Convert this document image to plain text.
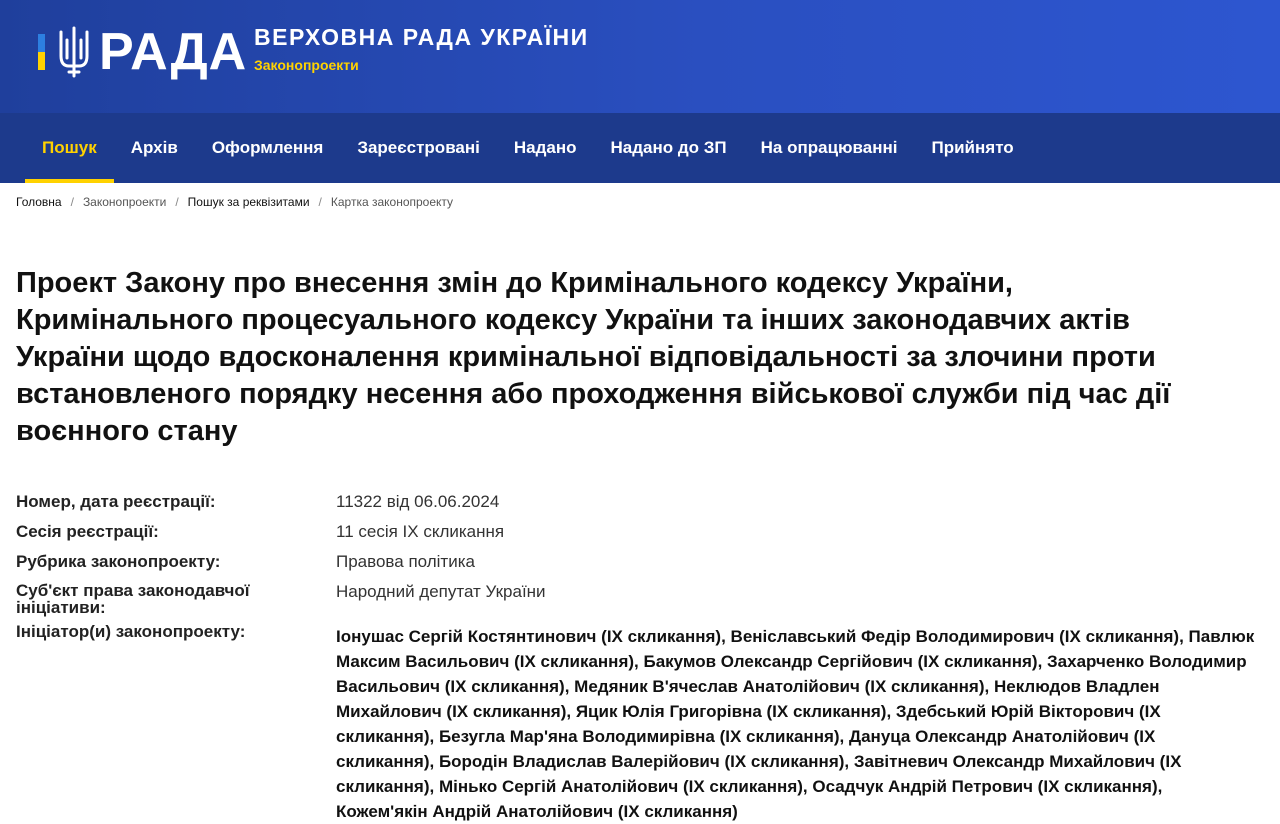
РАДА ВЕРХОВНА РАДА УКРАЇНИ
Законопроекти
Пошук	Архів	Оформлення	Зареєстровані	Надано	Надано до ЗП	На опрацюванні	Прийнято
Головна / Законопроекти / Пошук за реквізитами / Картка законопроекту
Проект Закону про внесення змін до Кримінального кодексу України, Кримінального процесуального кодексу України та інших законодавчих актів України щодо вдосконалення кримінальної відповідальності за злочини проти встановленого порядку несення або проходження військової служби під час дії воєнного стану
Номер, дата реєстрації:	11322 від 06.06.2024
Сесія реєстрації:	11 сесія IX скликання
Рубрика законопроекту:	Правова політика
Суб'єкт права законодавчої ініціативи:
Народний депутат України
Ініціатор(и) законопроекту:	Іонушас Сергій Костянтинович (IX скликання), Веніславський Федір Володимирович (IX скликання), Павлюк Максим Васильович (IX скликання), Бакумов Олександр Сергійович (IX скликання), Захарченко Володимир Васильович (IX скликання), Медяник В'ячеслав Анатолійович (IX скликання), Неклюдов Владлен Михайлович (IX скликання), Яцик Юлія Григорівна (IX скликання), Здебський Юрій Вікторович (IX скликання), Безугла Мар'яна Володимирівна (IX скликання), Дануца Олександр Анатолійович (IX скликання), Бородін Владислав Валерійович (IX скликання), Завітневич Олександр Михайлович (IX скликання), Мінько Сергій Анатолійович (IX скликання), Осадчук Андрій Петрович (IX скликання), Кожем'якін Андрій Анатолійович (IX скликання)
